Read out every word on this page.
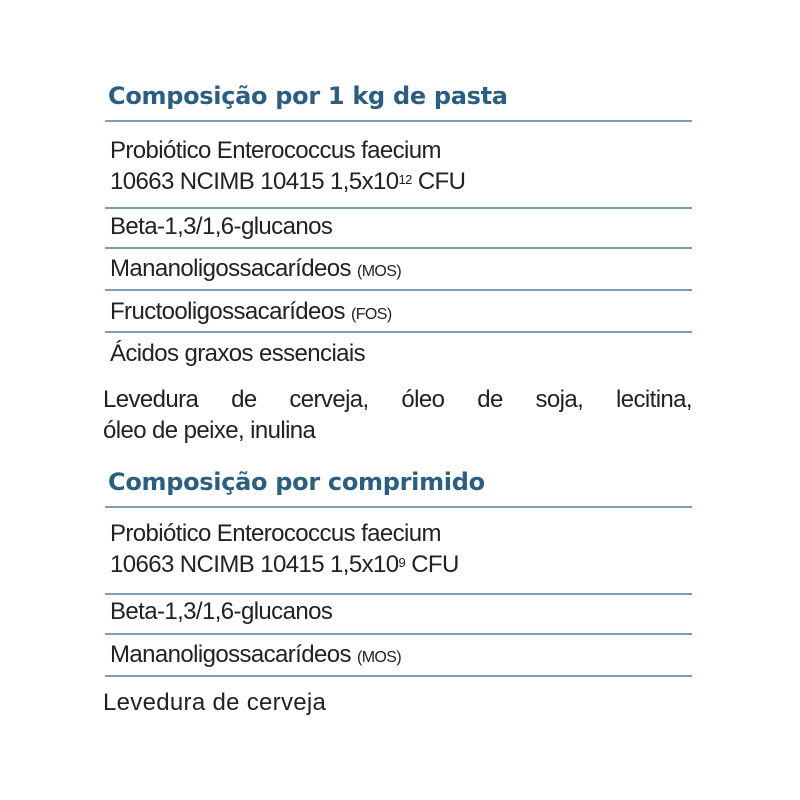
Composição por 1 kg de pasta
Probiótico Enterococcus faecium
10663 NCIMB 10415 $1,5x10^{12}$ CFU
Beta-1,3/1,6-glucanos
Mananoligossacarídeos (MOS)
Fructooligossacarídeos (FOS)
Ácidos graxos essenciais
Levedura de cerveja, óleo de soja, lecitina,
óleo de peixe, inulina
Composição por comprimido
Probiótico Enterococcus faecium
10663 NCIMB 10415 $1,5x10^9$ CFU
Beta-1,3/1,6-glucanos
Mananoligossacarídeos (MOS)
Levedura de cerveja
